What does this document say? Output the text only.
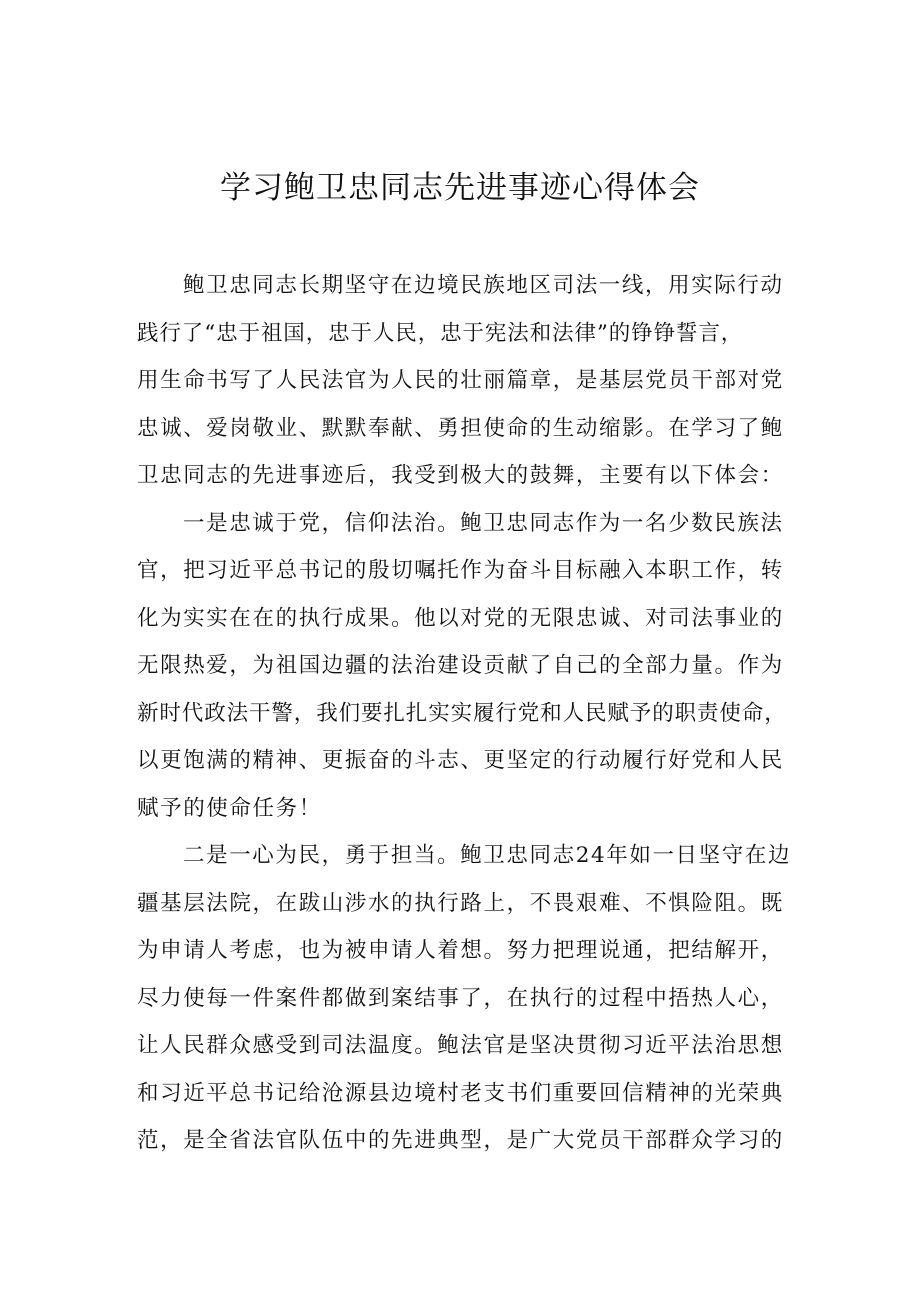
学习鲍卫忠同志先进事迹心得体会
鲍卫忠同志长期坚守在边境民族地区司法一线，用实际行动
践行了“忠于祖国，忠于人民，忠于宪法和法律”的铮铮誓言，
用生命书写了人民法官为人民的壮丽篇章，是基层党员干部对党
忠诚、爱岗敬业、默默奉献、勇担使命的生动缩影。在学习了鲍
卫忠同志的先进事迹后，我受到极大的鼓舞，主要有以下体会：
一是忠诚于党，信仰法治。鲍卫忠同志作为一名少数民族法
官，把习近平总书记的殷切嘱托作为奋斗目标融入本职工作，转
化为实实在在的执行成果。他以对党的无限忠诚、对司法事业的
无限热爱，为祖国边疆的法治建设贡献了自己的全部力量。作为
新时代政法干警，我们要扎扎实实履行党和人民赋予的职责使命，
以更饱满的精神、更振奋的斗志、更坚定的行动履行好党和人民
赋予的使命任务！
二是一心为民，勇于担当。鲍卫忠同志24年如一日坚守在边
疆基层法院，在跋山涉水的执行路上，不畏艰难、不惧险阻。既
为申请人考虑，也为被申请人着想。努力把理说通，把结解开，
尽力使每一件案件都做到案结事了，在执行的过程中捂热人心，
让人民群众感受到司法温度。鲍法官是坚决贯彻习近平法治思想
和习近平总书记给沧源县边境村老支书们重要回信精神的光荣典
范，是全省法官队伍中的先进典型，是广大党员干部群众学习的
